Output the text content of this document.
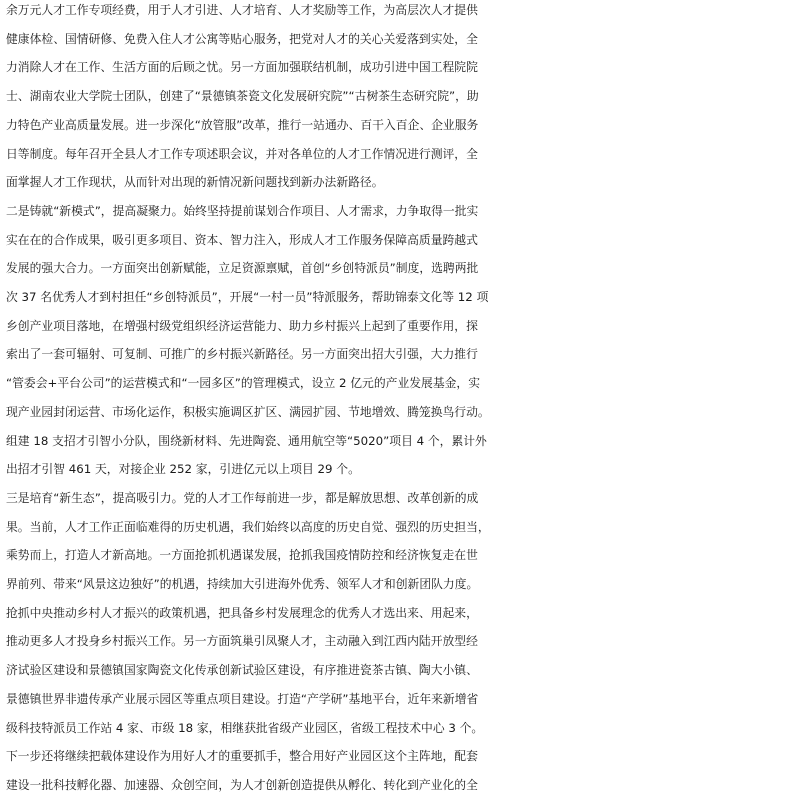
余万元人才工作专项经费，用于人才引进、人才培育、人才奖励等工作，为高层次人才提供
健康体检、国情研修、免费入住人才公寓等贴心服务，把党对人才的关心关爱落到实处，全
力消除人才在工作、生活方面的后顾之忧。另一方面加强联结机制，成功引进中国工程院院
士、湖南农业大学院士团队，创建了“景德镇茶瓷文化发展研究院”“古树茶生态研究院”，助
力特色产业高质量发展。进一步深化“放管服”改革，推行一站通办、百干入百企、企业服务
日等制度。每年召开全县人才工作专项述职会议，并对各单位的人才工作情况进行测评，全
面掌握人才工作现状，从而针对出现的新情况新问题找到新办法新路径。
二是铸就“新模式”，提高凝聚力。始终坚持提前谋划合作项目、人才需求，力争取得一批实
实在在的合作成果，吸引更多项目、资本、智力注入，形成人才工作服务保障高质量跨越式
发展的强大合力。一方面突出创新赋能，立足资源禀赋，首创“乡创特派员”制度，选聘两批
次 37 名优秀人才到村担任“乡创特派员”，开展“一村一员”特派服务，帮助锦泰文化等 12 项
乡创产业项目落地，在增强村级党组织经济运营能力、助力乡村振兴上起到了重要作用，探
索出了一套可辐射、可复制、可推广的乡村振兴新路径。另一方面突出招大引强，大力推行
“管委会+平台公司”的运营模式和“一园多区”的管理模式，设立 2 亿元的产业发展基金，实
现产业园封闭运营、市场化运作，积极实施调区扩区、满园扩园、节地增效、腾笼换鸟行动。
组建 18 支招才引智小分队，围绕新材料、先进陶瓷、通用航空等“5020”项目 4 个，累计外
出招才引智 461 天，对接企业 252 家，引进亿元以上项目 29 个。
三是培育“新生态”，提高吸引力。党的人才工作每前进一步，都是解放思想、改革创新的成
果。当前，人才工作正面临难得的历史机遇，我们始终以高度的历史自觉、强烈的历史担当，
乘势而上，打造人才新高地。一方面抢抓机遇谋发展，抢抓我国疫情防控和经济恢复走在世
界前列、带来“风景这边独好”的机遇，持续加大引进海外优秀、领军人才和创新团队力度。
抢抓中央推动乡村人才振兴的政策机遇，把具备乡村发展理念的优秀人才选出来、用起来，
推动更多人才投身乡村振兴工作。另一方面筑巢引凤聚人才，主动融入到江西内陆开放型经
济试验区建设和景德镇国家陶瓷文化传承创新试验区建设，有序推进瓷茶古镇、陶大小镇、
景德镇世界非遗传承产业展示园区等重点项目建设。打造“产学研”基地平台，近年来新增省
级科技特派员工作站 4 家、市级 18 家，相继获批省级产业园区，省级工程技术中心 3 个。
下一步还将继续把载体建设作为用好人才的重要抓手，整合用好产业园区这个主阵地，配套
建设一批科技孵化器、加速器、众创空间，为人才创新创造提供从孵化、转化到产业化的全
